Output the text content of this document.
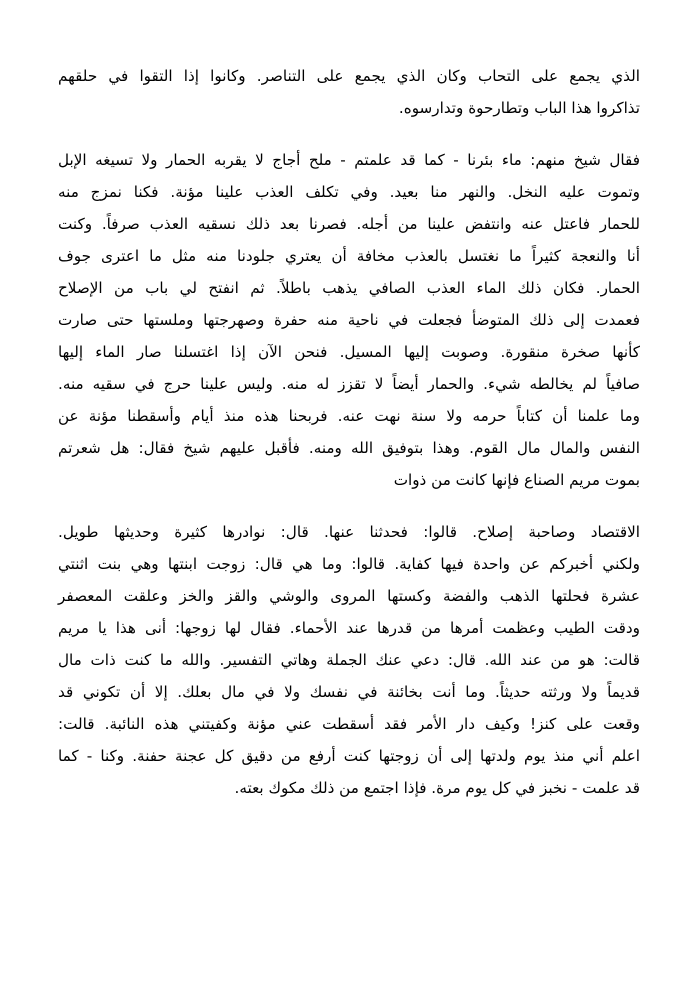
الذي يجمع على التحاب وكان الذي يجمع على التناصر. وكانوا إذا التقوا في حلقهم
تذاكروا هذا الباب وتطارحوة وتدارسوه.
فقال شيخ منهم: ماء بئرنا - كما قد علمتم - ملح أجاج لا يقربه الحمار ولا تسيغه الإبل
وتموت عليه النخل. والنهر منا بعيد. وفي تكلف العذب علينا مؤنة. فكنا نمزج منه
للحمار فاعتل عنه وانتفض علينا من أجله. فصرنا بعد ذلك نسقيه العذب صرفاً. وكنت
أنا والنعجة كثيراً ما نغتسل بالعذب مخافة أن يعتري جلودنا منه مثل ما اعترى جوف
الحمار. فكان ذلك الماء العذب الصافي يذهب باطلاً. ثم انفتح لي باب من الإصلاح
فعمدت إلى ذلك المتوضأ فجعلت في ناحية منه حفرة وصهرجتها وملستها حتى صارت
كأنها صخرة منقورة. وصوبت إليها المسيل. فنحن الآن إذا اغتسلنا صار الماء إليها
صافياً لم يخالطه شيء. والحمار أيضاً لا تقزز له منه. وليس علينا حرج في سقيه منه.
وما علمنا أن كتاباً حرمه ولا سنة نهت عنه. فربحنا هذه منذ أيام وأسقطنا مؤنة عن
النفس والمال مال القوم. وهذا بتوفيق الله ومنه. فأقبل عليهم شيخ فقال: هل شعرتم
بموت مريم الصناع فإنها كانت من ذوات
الاقتصاد وصاحبة إصلاح. قالوا: فحدثنا عنها. قال: نوادرها كثيرة وحديثها طويل.
ولكني أخبركم عن واحدة فيها كفاية. قالوا: وما هي قال: زوجت ابنتها وهي بنت اثنتي
عشرة فحلتها الذهب والفضة وكستها المروى والوشي والقز والخز وعلقت المعصفر
ودقت الطيب وعظمت أمرها من قدرها عند الأحماء. فقال لها زوجها: أنى هذا يا مريم
قالت: هو من عند الله. قال: دعي عنك الجملة وهاتي التفسير. والله ما كنت ذات مال
قديماً ولا ورثته حديثاً. وما أنت بخائنة في نفسك ولا في مال بعلك. إلا أن تكوني قد
وقعت على كنز! وكيف دار الأمر فقد أسقطت عني مؤنة وكفيتني هذه النائبة. قالت:
اعلم أني منذ يوم ولدتها إلى أن زوجتها كنت أرفع من دقيق كل عجنة حفنة. وكنا - كما
قد علمت - نخبز في كل يوم مرة. فإذا اجتمع من ذلك مكوك بعته.
